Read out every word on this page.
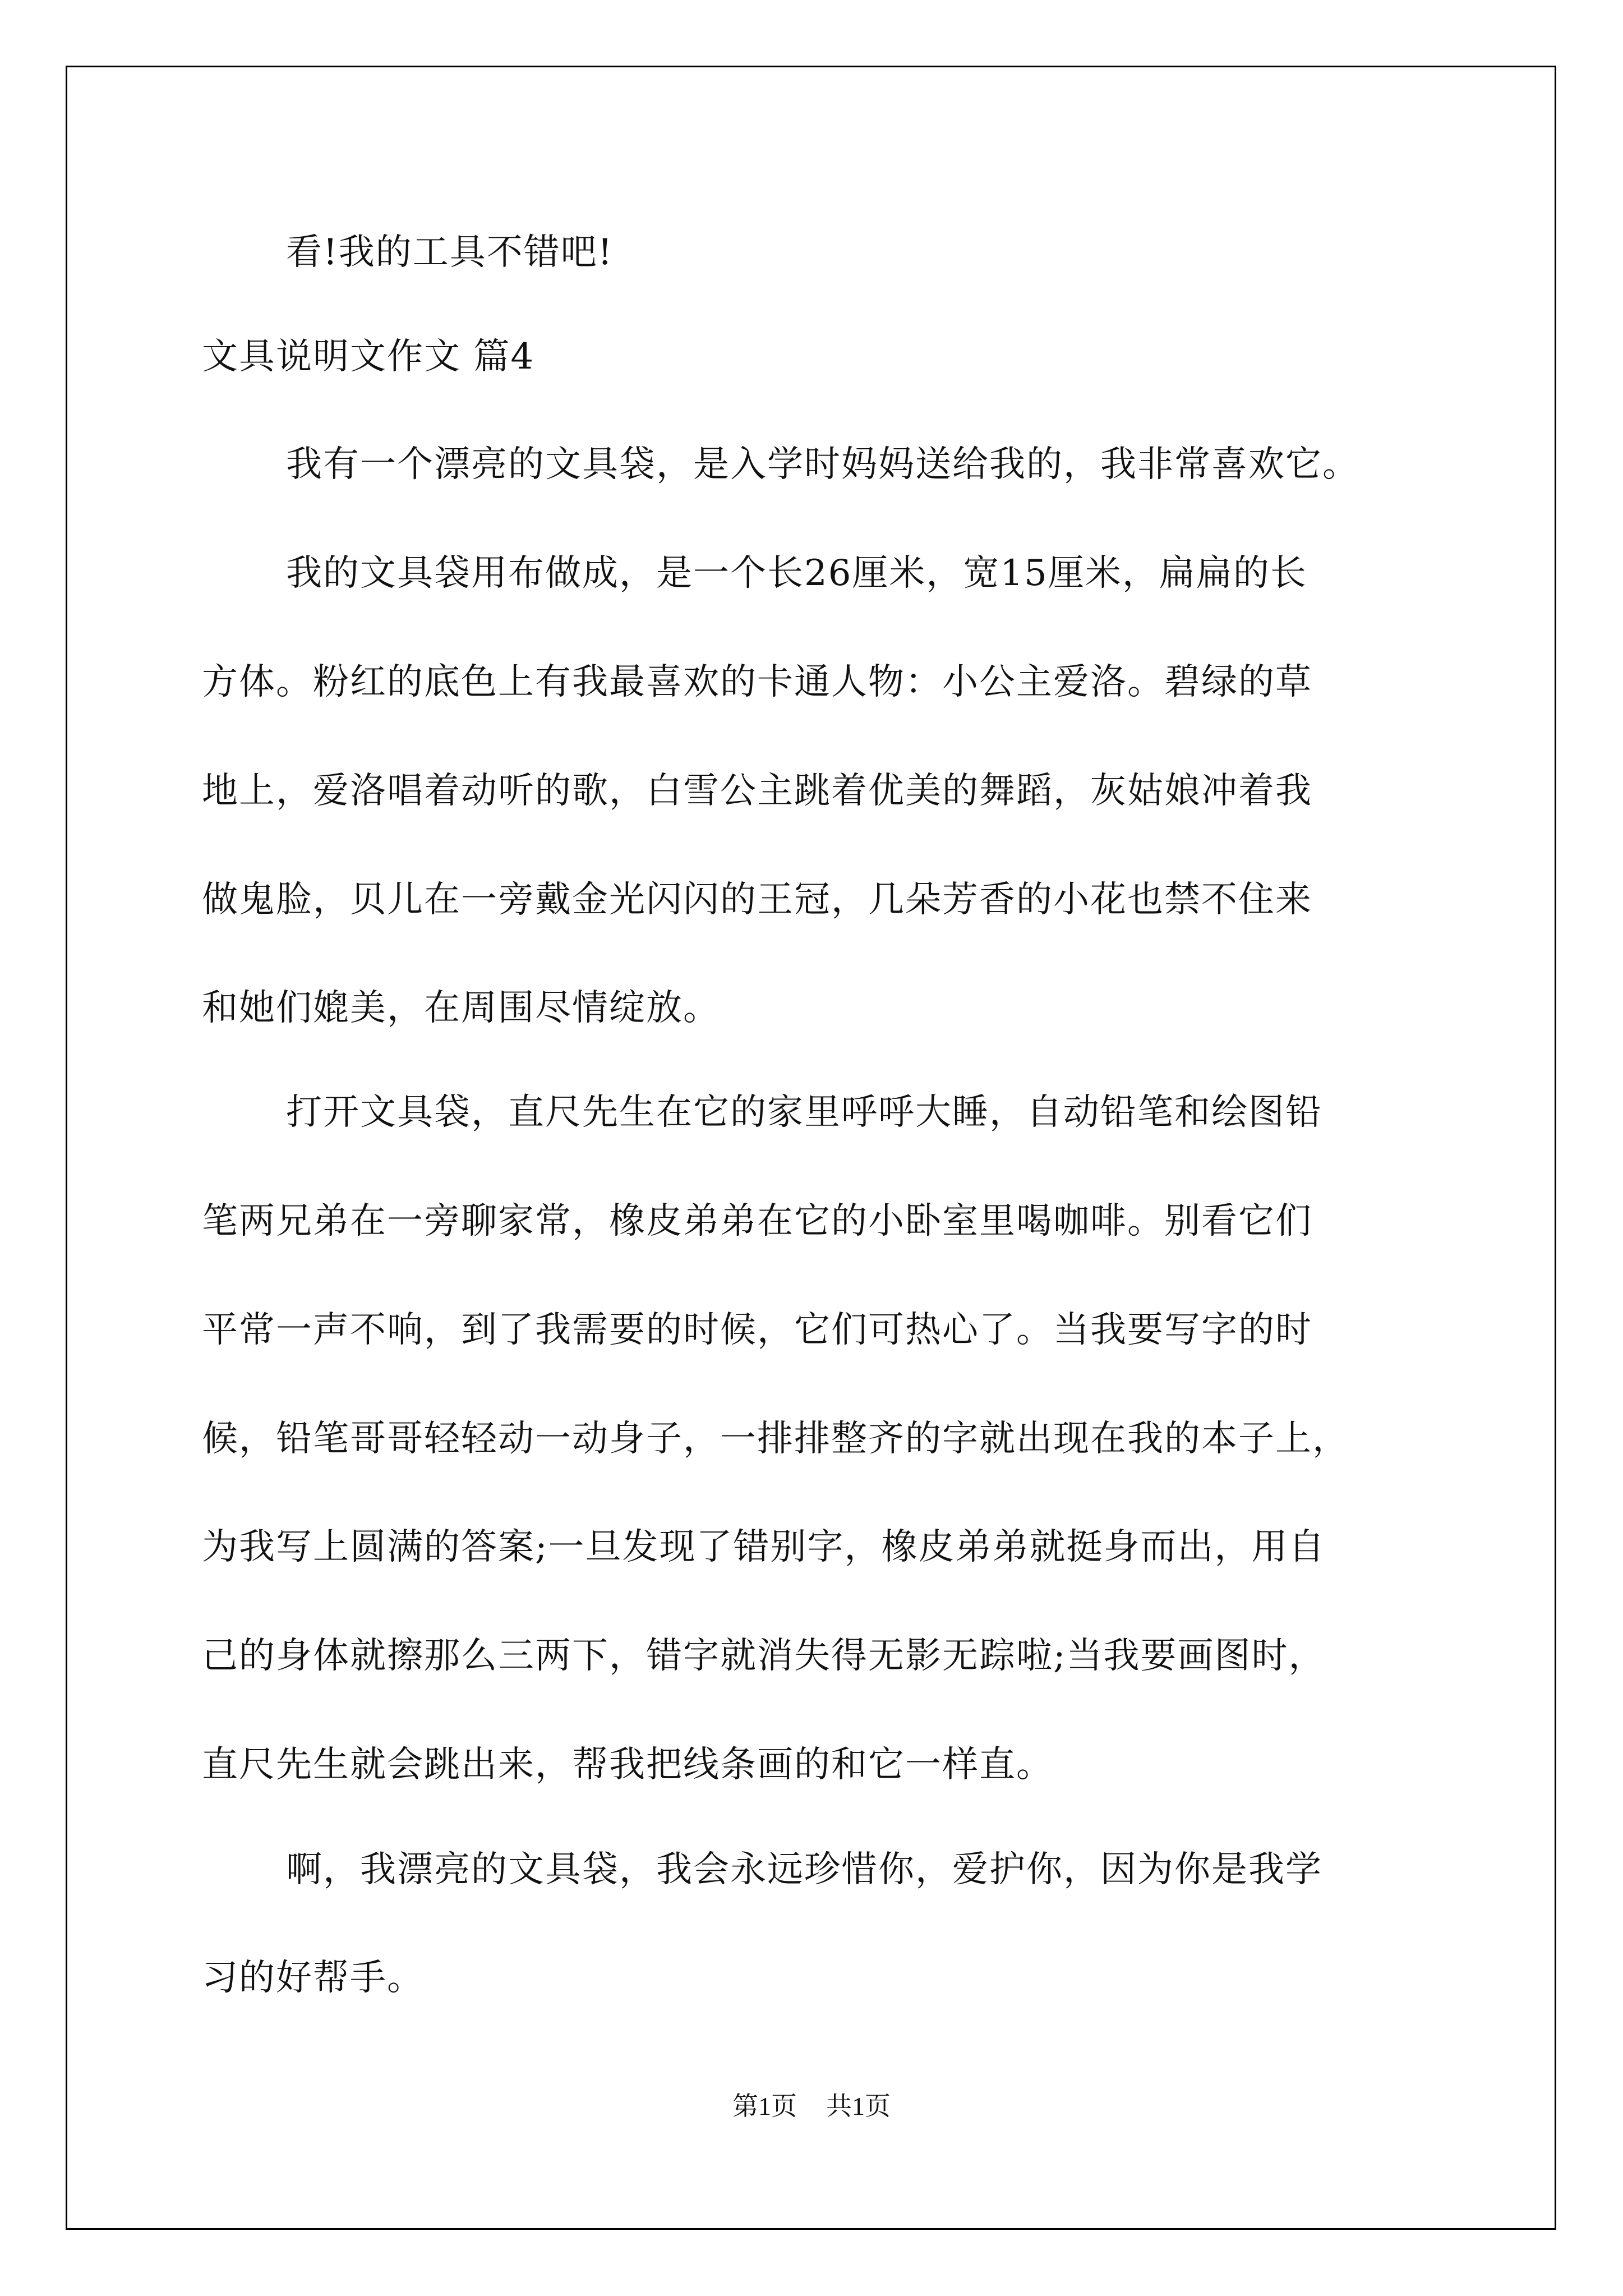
看!我的工具不错吧!
文具说明文作文 篇4
我有一个漂亮的文具袋，是入学时妈妈送给我的，我非常喜欢它。
我的文具袋用布做成，是一个长26厘米，宽15厘米，扁扁的长
方体。粉红的底色上有我最喜欢的卡通人物：小公主爱洛。碧绿的草
地上，爱洛唱着动听的歌，白雪公主跳着优美的舞蹈，灰姑娘冲着我
做鬼脸，贝儿在一旁戴金光闪闪的王冠，几朵芳香的小花也禁不住来
和她们媲美，在周围尽情绽放。
打开文具袋，直尺先生在它的家里呼呼大睡，自动铅笔和绘图铅
笔两兄弟在一旁聊家常，橡皮弟弟在它的小卧室里喝咖啡。别看它们
平常一声不响，到了我需要的时候，它们可热心了。当我要写字的时
候，铅笔哥哥轻轻动一动身子，一排排整齐的字就出现在我的本子上，
为我写上圆满的答案;一旦发现了错别字，橡皮弟弟就挺身而出，用自
己的身体就擦那么三两下，错字就消失得无影无踪啦;当我要画图时，
直尺先生就会跳出来，帮我把线条画的和它一样直。
啊，我漂亮的文具袋，我会永远珍惜你，爱护你，因为你是我学
习的好帮手。
第1页 共1页
